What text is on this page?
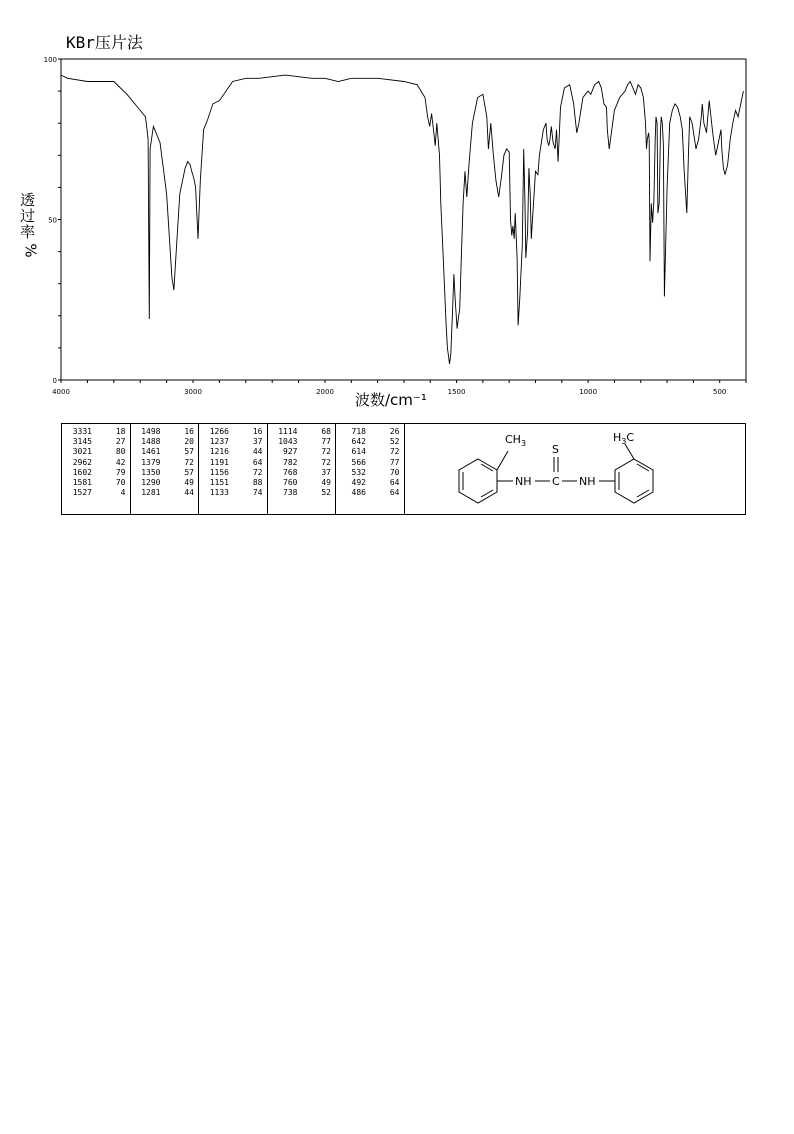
KBr压片法
0
50
100
4000	3000	2000	1500	1000	500
透过率
%
波数/cm⁻¹
3331	18
3145	27
3021	80
2962	42
1602	79
1581	70
1527	4

1498	16
1488	20
1461	57
1379	72
1350	57
1290	49
1281	44

1266	16
1237	37
1216	44
1191	64
1156	72
1151	88
1133	74

1114	68
1043	77
927	72
782	72
768	37
760	49
738	52

718	26
642	52
614	72
566	77
532	70
492	64
486	64
$CH_3$
NH C
S
NH
$H_3C$
